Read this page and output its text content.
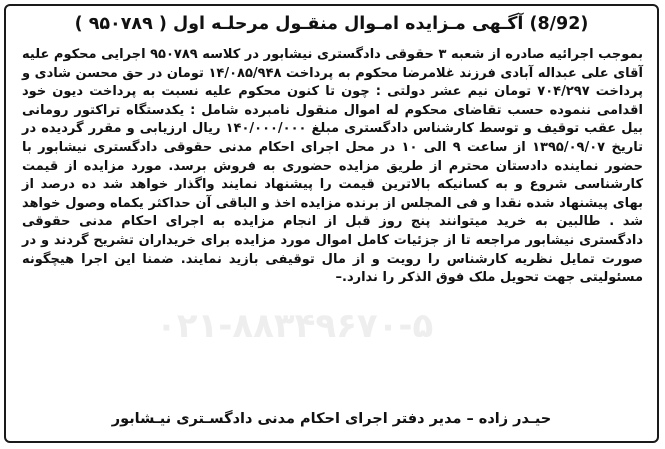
۰۲۱-۸۸۳۴۹۶۷۰-۵
(8/92) آگـهی مـزایده امـوال منقـول مرحلـه اول ( ۹۵۰۷۸۹ )
بموجب اجرائیه صادره از شعبه ۳ حقوقی دادگستری نیشابور در کلاسه ۹۵۰۷۸۹ اجرایی محکوم علیه آقای علی عبداله آبادی فرزند غلامرضا محکوم به پرداخت ۱۴/۰۸۵/۹۴۸ تومان در حق محسن شادی و پرداخت ۷۰۴/۲۹۷ تومان نیم عشر دولتی : چون تا کنون محکوم علیه نسبت به پرداخت دیون خود اقدامی ننموده حسب تقاضای محکوم له اموال منقول نامبرده شامل : یکدستگاه تراکتور رومانی بیل عقب توقیف و توسط کارشناس دادگستری مبلغ ۱۴۰/۰۰۰/۰۰۰ ریال ارزیابی و مقرر گردیده در تاریخ ۱۳۹۵/۰۹/۰۷ از ساعت ۹ الی ۱۰ در محل اجرای احکام مدنی حقوقی دادگستری نیشابور با حضور نماینده دادستان محترم از طریق مزایده حضوری به فروش برسد. مورد مزایده از قیمت کارشناسی شروع و به کسانیکه بالاترین قیمت را پیشنهاد نمایند واگذار خواهد شد ده درصد از بهای پیشنهاد شده نقدا و فی المجلس از برنده مزایده اخذ و الباقی آن حداکثر یکماه وصول خواهد شد . طالبین به خرید میتوانند پنج روز قبل از انجام مزایده به اجرای احکام مدنی حقوقی دادگستری نیشابور مراجعه تا از جزئیات کامل اموال مورد مزایده برای خریداران تشریح گردند و در صورت تمایل نظریه کارشناس را رویت و از مال توقیفی بازید نمایند. ضمنا این اجرا هیچگونه مسئولیتی جهت تحویل ملک فوق الذکر را ندارد.–
حیـدر زاده – مدیر دفتر اجرای احکام مدنی دادگسـتری نیـشابور
